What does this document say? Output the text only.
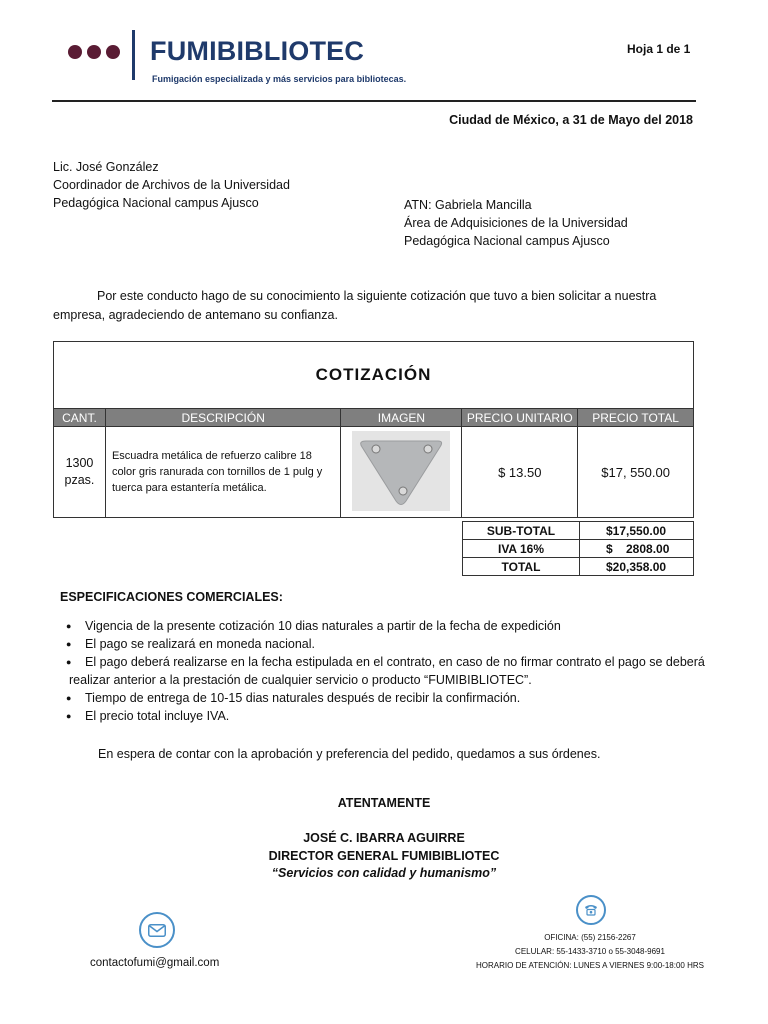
FUMIBIBLIOTEC
Fumigación especializada y más servicios para bibliotecas.
Hoja 1 de 1
Ciudad de México, a 31 de Mayo del 2018
Lic. José González
Coordinador de Archivos de la Universidad
Pedagógica Nacional campus Ajusco	ATN: Gabriela Mancilla
Área de Adquisiciones de la Universidad
Pedagógica Nacional campus Ajusco
Por este conducto hago de su conocimiento la siguiente cotización que tuvo a bien solicitar a nuestra empresa, agradeciendo de antemano su confianza.
COTIZACIÓN				
CANT.	DESCRIPCIÓN	IMAGEN	PRECIO UNITARIO	PRECIO TOTAL

1300
pzas.	Escuadra metálica de refuerzo calibre 18 color gris ranurada con tornillos de 1 pulg y tuerca para estantería metálica.		$ 13.50	$17, 550.00
SUB-TOTAL	$17,550.00
IVA 16%	$    2808.00
TOTAL	$20,358.00
ESPECIFICACIONES COMERCIALES:
● Vigencia de la presente cotización 10 dias naturales a partir de la fecha de expedición
● El pago se realizará en moneda nacional.
● El pago deberá realizarse en la fecha estipulada en el contrato, en caso de no firmar contrato el pago se deberá
realizar anterior a la prestación de cualquier servicio o producto “FUMIBIBLIOTEC”.
● Tiempo de entrega de 10-15 dias naturales después de recibir la confirmación.
● El precio total incluye IVA.
En espera de contar con la aprobación y preferencia del pedido, quedamos a sus órdenes.
ATENTAMENTE
JOSÉ C. IBARRA AGUIRRE
DIRECTOR GENERAL FUMIBIBLIOTEC
“Servicios con calidad y humanismo”
contactofumi@gmail.com
OFICINA: (55) 2156-2267
CELULAR: 55-1433-3710 o 55-3048-9691
HORARIO DE ATENCIÓN: LUNES A VIERNES 9:00-18:00 HRS
